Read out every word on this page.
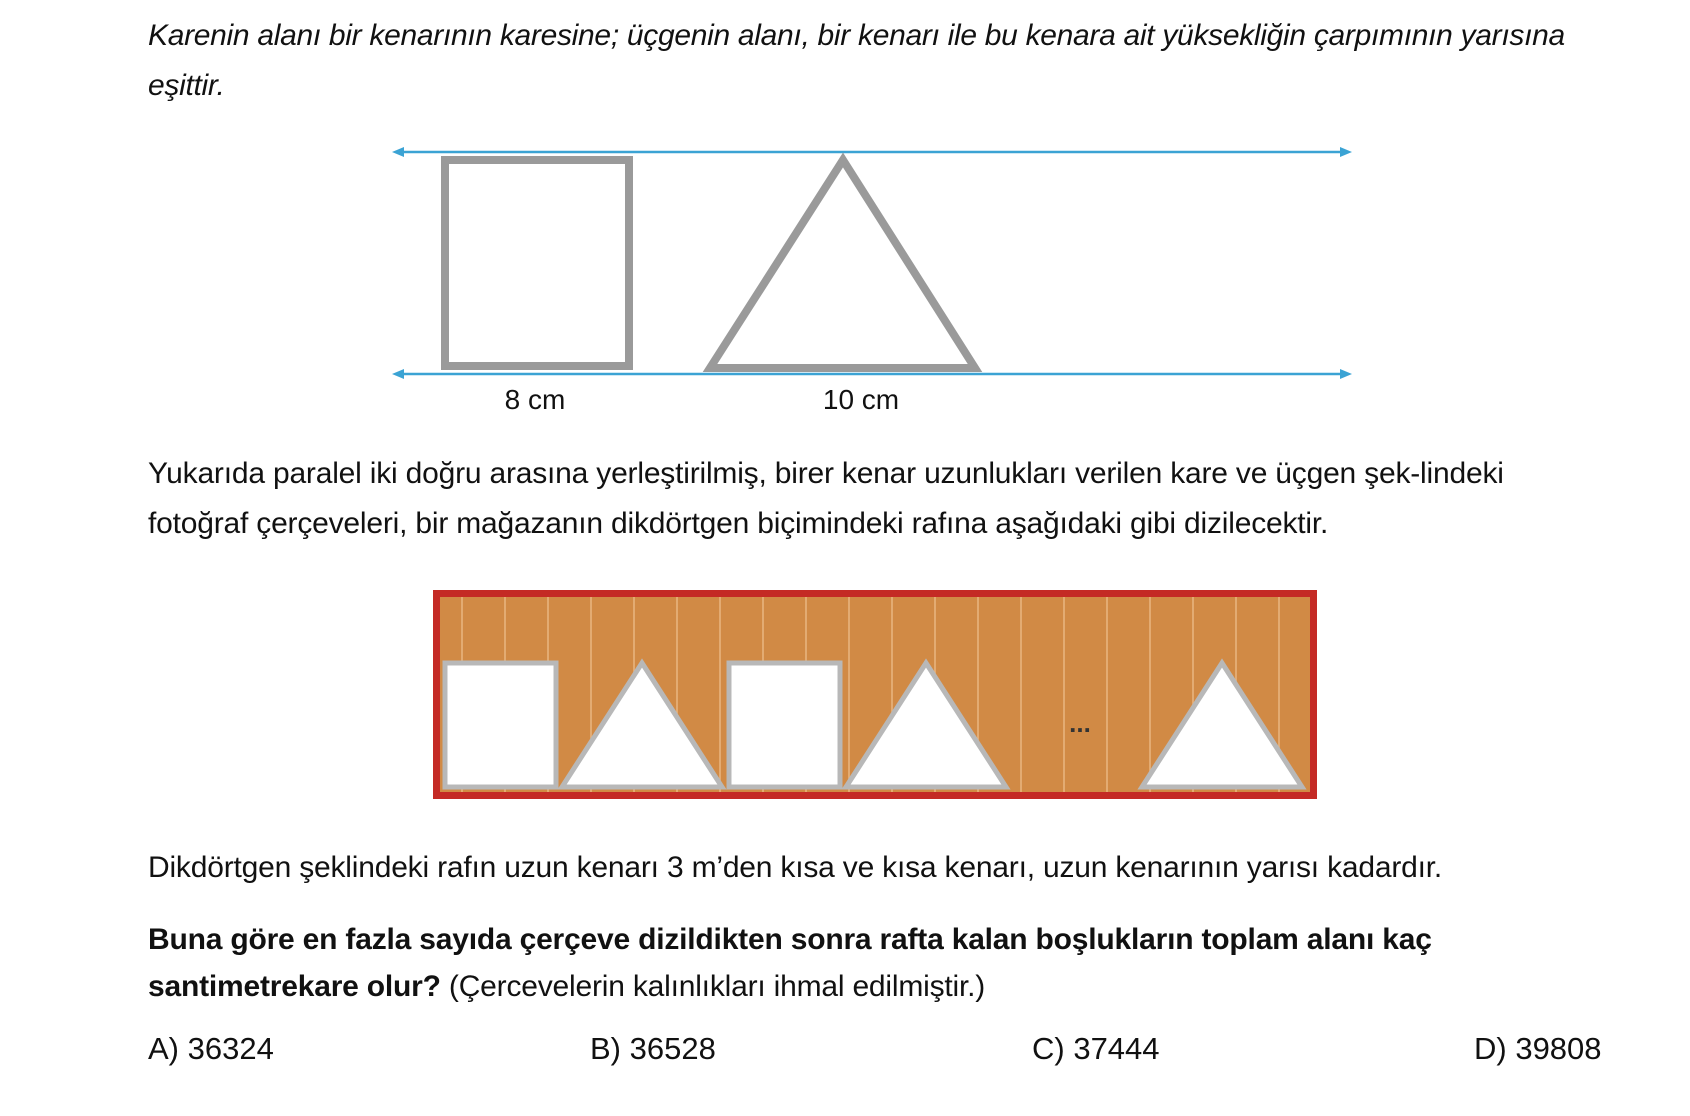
Karenin alanı bir kenarının karesine; üçgenin alanı, bir kenarı ile bu kenara ait yüksekliğin çarpımının yarısına eşittir.

8 cm	10 cm
...

Yukarıda paralel iki doğru arasına yerleştirilmiş, birer kenar uzunlukları verilen kare ve üçgen şek-lindeki fotoğraf çerçeveleri, bir mağazanın dikdörtgen biçimindeki rafına aşağıdaki gibi dizilecektir.

Dikdörtgen şeklindeki rafın uzun kenarı 3 m’den kısa ve kısa kenarı, uzun kenarının yarısı kadardır.

Buna göre en fazla sayıda çerçeve dizildikten sonra rafta kalan boşlukların toplam alanı kaç santimetrekare olur? (Çercevelerin kalınlıkları ihmal edilmiştir.)

A) 36324	B) 36528	C) 37444	D) 39808
